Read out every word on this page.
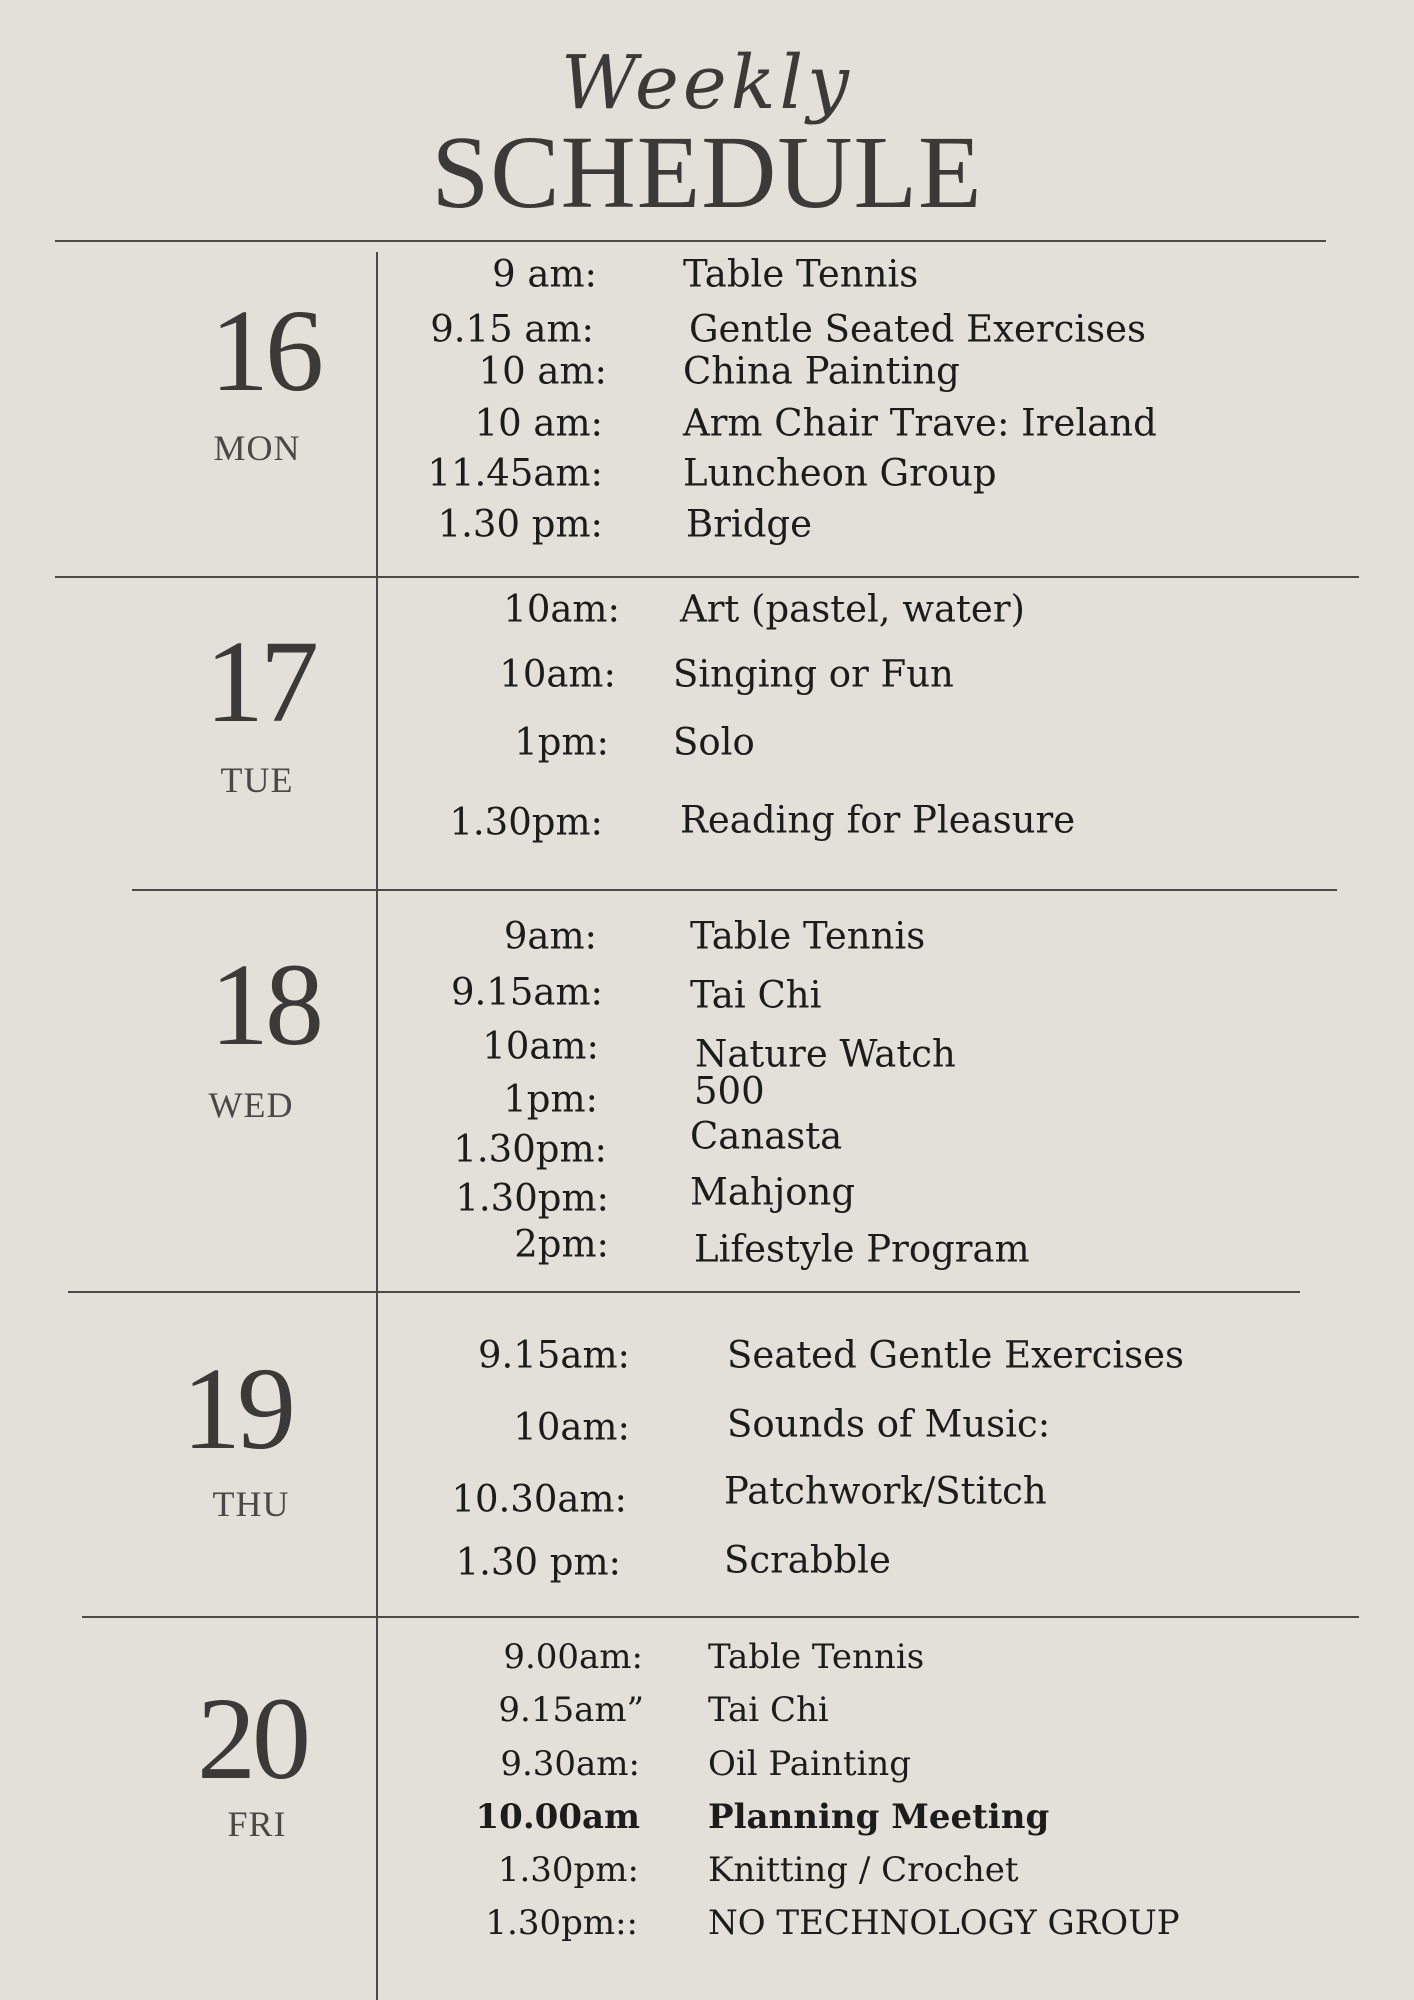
Weekly
SCHEDULE
16
MON
9 am: Table Tennis
9.15 am:	Gentle Seated Exercises
10 am: China Painting
10 am: Arm Chair Trave: Ireland
11.45am: Luncheon Group
1.30 pm: Bridge
17
TUE
10am: Art (pastel, water)
10am: Singing or Fun
1pm: Solo
1.30pm: Reading for Pleasure
18
WED
9am:	Table Tennis
9.15am: Tai Chi
10am:	Nature Watch
1pm:	500
1.30pm: Canasta
1.30pm: Mahjong
2pm: Lifestyle Program
19
THU
9.15am:	Seated Gentle Exercises
10am:	Sounds of Music:
10.30am:	Patchwork/Stitch
1.30 pm:	Scrabble
20
FRI
9.00am: Table Tennis
9.15am” Tai Chi
9.30am: Oil Painting
10.00am Planning Meeting
1.30pm: Knitting / Crochet
1.30pm:: NO TECHNOLOGY GROUP
